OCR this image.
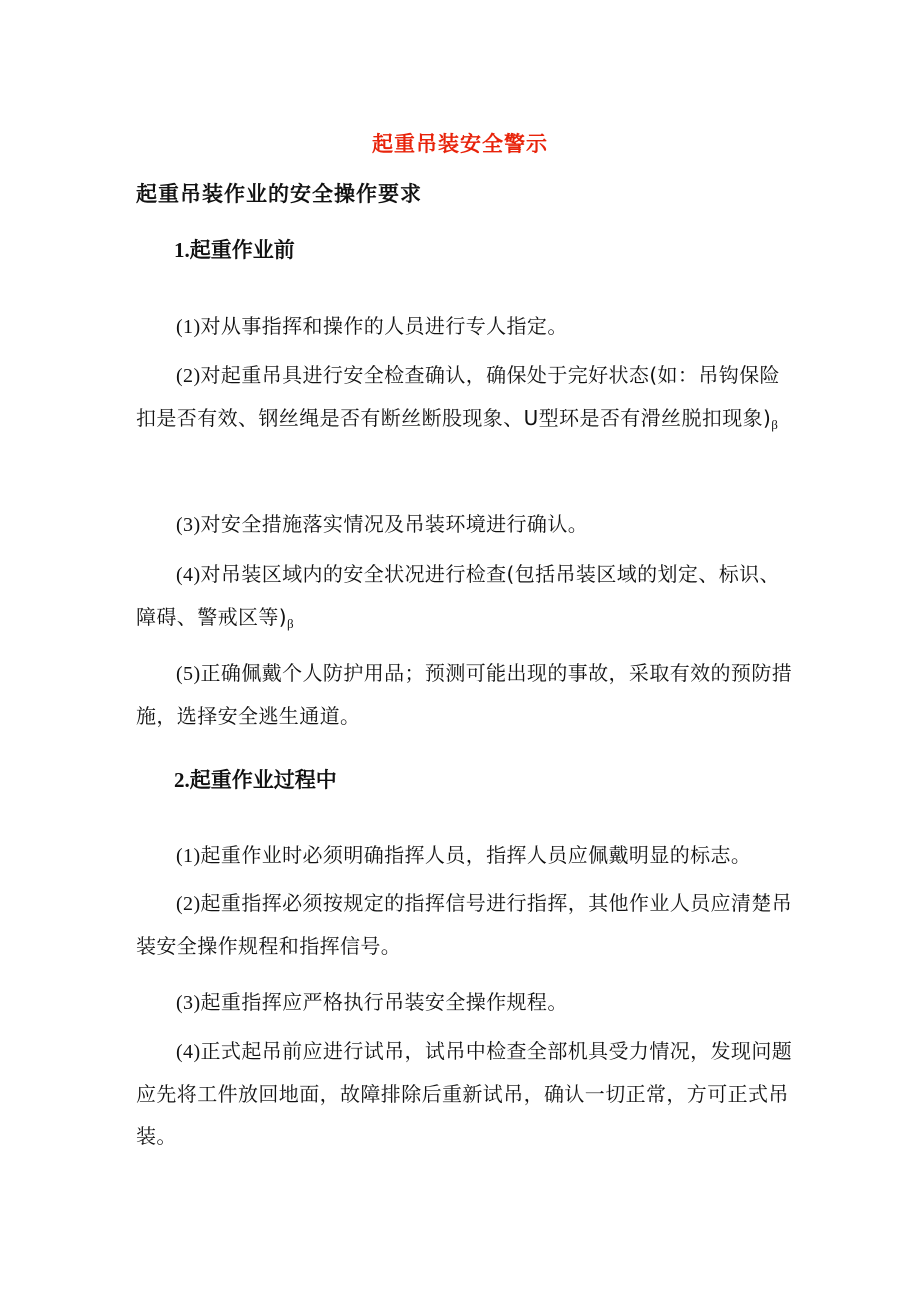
起重吊装安全警示
起重吊装作业的安全操作要求
1.起重作业前

(1)对从事指挥和操作的人员进行专人指定。

(2)对起重吊具进行安全检查确认，确保处于完好状态(如：吊钩保险扣是否有效、钢丝绳是否有断丝断股现象、U型环是否有滑丝脱扣现象)$_\beta$

(3)对安全措施落实情况及吊装环境进行确认。

(4)对吊装区域内的安全状况进行检查(包括吊装区域的划定、标识、障碍、警戒区等)$_\beta$

(5)正确佩戴个人防护用品；预测可能出现的事故，采取有效的预防措施，选择安全逃生通道。

2.起重作业过程中

(1)起重作业时必须明确指挥人员，指挥人员应佩戴明显的标志。

(2)起重指挥必须按规定的指挥信号进行指挥，其他作业人员应清楚吊装安全操作规程和指挥信号。

(3)起重指挥应严格执行吊装安全操作规程。

(4)正式起吊前应进行试吊，试吊中检查全部机具受力情况，发现问题应先将工件放回地面，故障排除后重新试吊，确认一切正常，方可正式吊装。
